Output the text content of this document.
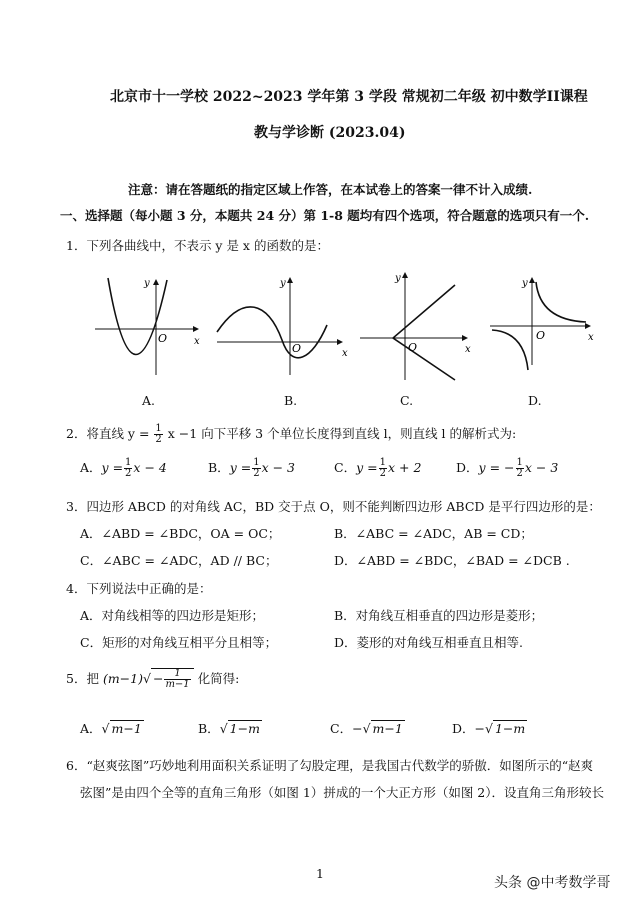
北京市十一学校 2022~2023 学年第 3 学段 常规初二年级 初中数学II课程
教与学诊断 (2023.04)
注意：请在答题纸的指定区域上作答，在本试卷上的答案一律不计入成绩.
一、选择题（每小题 3 分，本题共 24 分）第 1-8 题均有四个选项，符合题意的选项只有一个.
1．下列各曲线中，不表示 y 是 x 的函数的是：
y
x
O
A.
y
x
O
B.
y
x
O
C.
y
x
O
D.
2．将直线 $y = \frac{1}{2}$ x −1 向下平移 3 个单位长度得到直线 l，则直线 l 的解析式为:
A．$y = \frac{1}{2}$ x − 4	B．$y = \frac{1}{2}$ x − 3	C．$y = \frac{1}{2}$ x + 2	D．y = − $\frac{1}{2}$ x − 3
3．四边形 ABCD 的对角线 AC，BD 交于点 O，则不能判断四边形 ABCD 是平行四边形的是：
A．∠ABD = ∠BDC，OA = OC；	B．∠ABC = ∠ADC，AB = CD；
C．∠ABC = ∠ADC，AD // BC；	D．∠ABD = ∠BDC，∠BAD = ∠DCB .
4．下列说法中正确的是：
A．对角线相等的四边形是矩形；	B．对角线互相垂直的四边形是菱形；
C．矩形的对角线互相平分且相等；	D．菱形的对角线互相垂直且相等.
5．把 $(m-1)√ - \frac{1}{m-1}$ 化简得:
A．√ m−1	B．√ 1−m	C．−√ m−1	D．−√ 1−m
6．“赵爽弦图”巧妙地利用面积关系证明了勾股定理，是我国古代数学的骄傲．如图所示的“赵爽
弦图”是由四个全等的直角三角形（如图 1）拼成的一个大正方形（如图 2）．设直角三角形较长
1
头条 @中考数学哥
